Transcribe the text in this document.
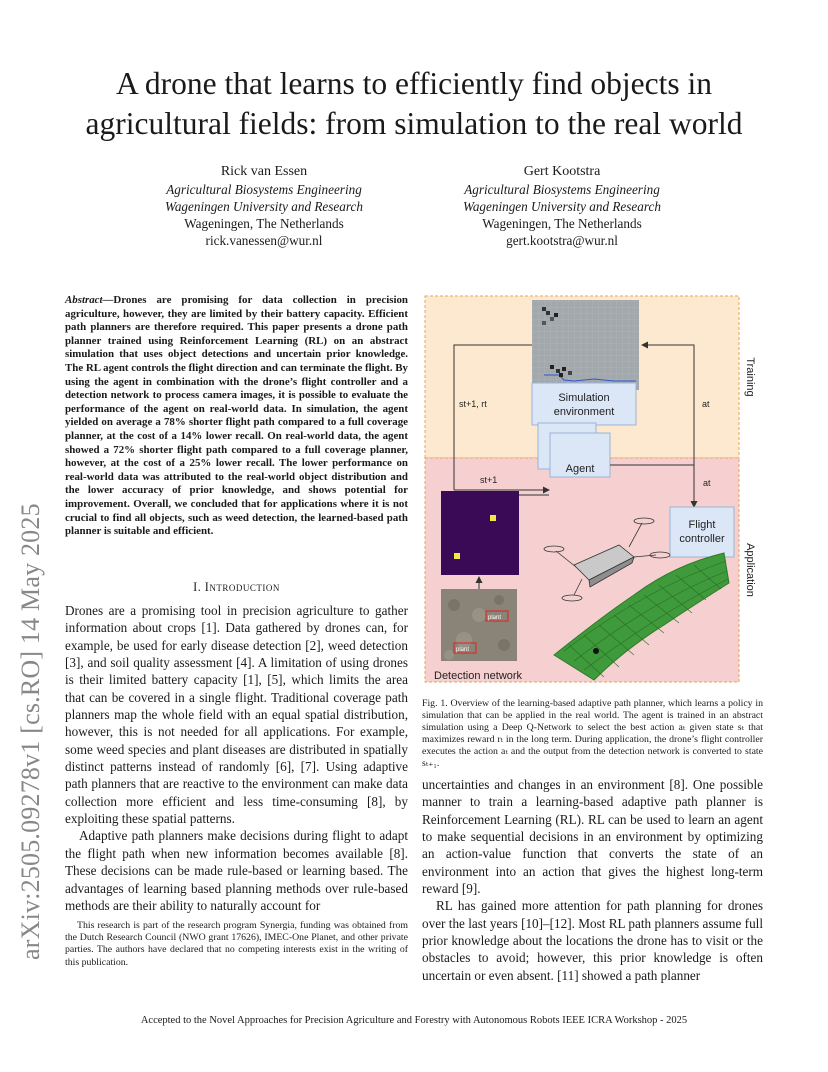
A drone that learns to efficiently find objects in
agricultural fields: from simulation to the real world
Rick van Essen
Agricultural Biosystems Engineering
Wageningen University and Research
Wageningen, The Netherlands
rick.vanessen@wur.nl
Gert Kootstra
Agricultural Biosystems Engineering
Wageningen University and Research
Wageningen, The Netherlands
gert.kootstra@wur.nl
arXiv:2505.09278v1 [cs.RO] 14 May 2025
Abstract—Drones are promising for data collection in precision agriculture, however, they are limited by their battery capacity. Efficient path planners are therefore required. This paper presents a drone path planner trained using Reinforcement Learning (RL) on an abstract simulation that uses object detections and uncertain prior knowledge. The RL agent controls the flight direction and can terminate the flight. By using the agent in combination with the drone’s flight controller and a detection network to process camera images, it is possible to evaluate the performance of the agent on real-world data. In simulation, the agent yielded on average a 78% shorter flight path compared to a full coverage planner, at the cost of a 14% lower recall. On real-world data, the agent showed a 72% shorter flight path compared to a full coverage planner, however, at the cost of a 25% lower recall. The lower performance on real-world data was attributed to the real-world object distribution and the lower accuracy of prior knowledge, and shows potential for improvement. Overall, we concluded that for applications where it is not crucial to find all objects, such as weed detection, the learned-based path planner is suitable and efficient.
I. Introduction

Drones are a promising tool in precision agriculture to gather information about crops [1]. Data gathered by drones can, for example, be used for early disease detection [2], weed detection [3], and soil quality assessment [4]. A limitation of using drones is their limited battery capacity [1], [5], which limits the area that can be covered in a single flight. Traditional coverage path planners map the whole field with an equal spatial distribution, however, this is not needed for all applications. For example, some weed species and plant diseases are distributed in spatially distinct patterns instead of randomly [6], [7]. Using adaptive path planners that are reactive to the environment can make data collection more efficient and less time-consuming [8], by exploiting these spatial patterns.

Adaptive path planners make decisions during flight to adapt the flight path when new information becomes available [8]. These decisions can be made rule-based or learning based. The advantages of learning based planning methods over rule-based methods are their ability to naturally account for

This research is part of the research program Synergia, funding was obtained from the Dutch Research Council (NWO grant 17626), IMEC-One Planet, and other private parties. The authors have declared that no competing interests exist in the writing of this publication.
Training
Application
Simulation
environment
st+1, rt	at
Agent
at
st+1
Flight
controller
plant
plant
Detection network
Fig. 1. Overview of the learning-based adaptive path planner, which learns a policy in simulation that can be applied in the real world. The agent is trained in an abstract simulation using a Deep Q-Network to select the best action aₜ given state sₜ that maximizes reward rₜ in the long term. During application, the drone’s flight controller executes the action aₜ and the output from the detection network is converted to state sₜ₊₁.

uncertainties and changes in an environment [8]. One possible manner to train a learning-based adaptive path planner is Reinforcement Learning (RL). RL can be used to learn an agent to make sequential decisions in an environment by optimizing an action-value function that converts the state of an environment into an action that gives the highest long-term reward [9].

RL has gained more attention for path planning for drones over the last years [10]–[12]. Most RL path planners assume full prior knowledge about the locations the drone has to visit or the obstacles to avoid; however, this prior knowledge is often uncertain or even absent. [11] showed a path planner

Accepted to the Novel Approaches for Precision Agriculture and Forestry with Autonomous Robots IEEE ICRA Workshop - 2025
